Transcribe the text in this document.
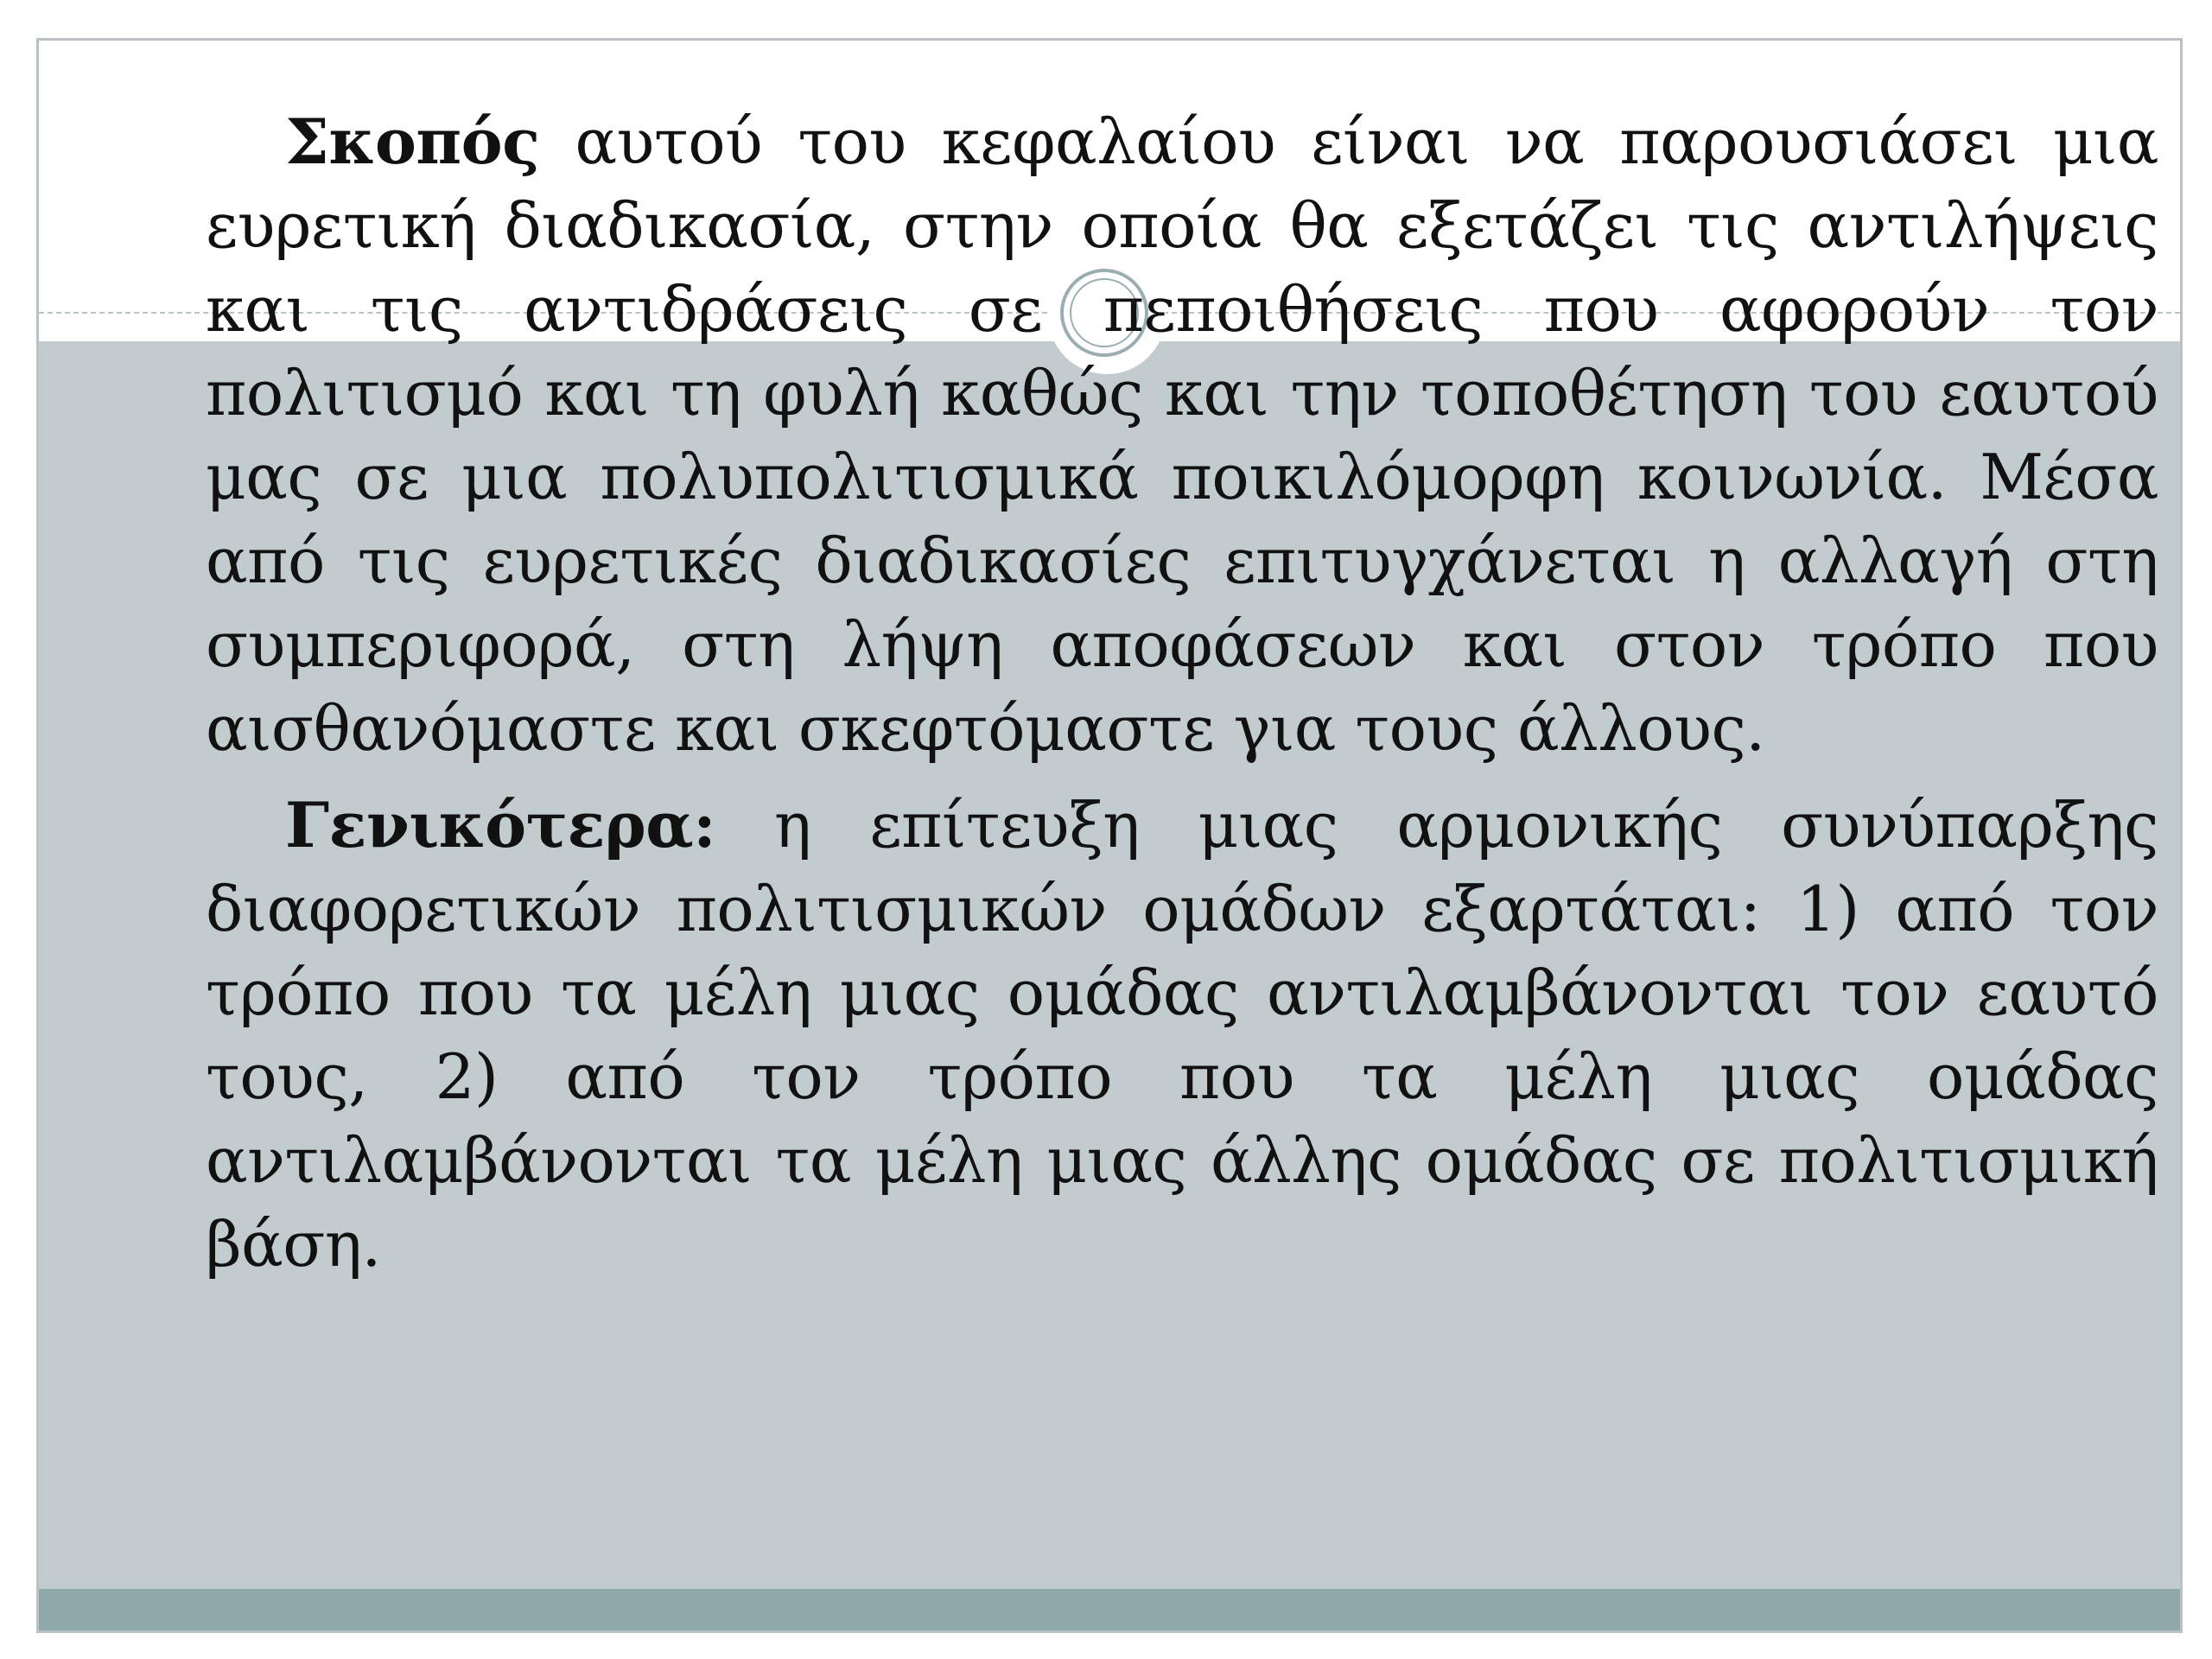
Σκοπός αυτού του κεφαλαίου είναι να παρουσιάσει μια ευρετική διαδικασία, στην οποία θα εξετάζει τις αντιλήψεις και τις αντιδράσεις σε πεποιθήσεις που αφορούν τον πολιτισμό και τη φυλή καθώς και την τοποθέτηση του εαυτού μας σε μια πολυπολιτισμικά ποικιλόμορφη κοινωνία. Μέσα από τις ευρετικές διαδικασίες επιτυγχάνεται η αλλαγή στη συμπεριφορά, στη λήψη αποφάσεων και στον τρόπο που αισθανόμαστε και σκεφτόμαστε για τους άλλους.

Γενικότερα: η επίτευξη μιας αρμονικής συνύπαρξης διαφορετικών πολιτισμικών ομάδων εξαρτάται: 1) από τον τρόπο που τα μέλη μιας ομάδας αντιλαμβάνονται τον εαυτό τους, 2) από τον τρόπο που τα μέλη μιας ομάδας αντιλαμβάνονται τα μέλη μιας άλλης ομάδας σε πολιτισμική βάση.
